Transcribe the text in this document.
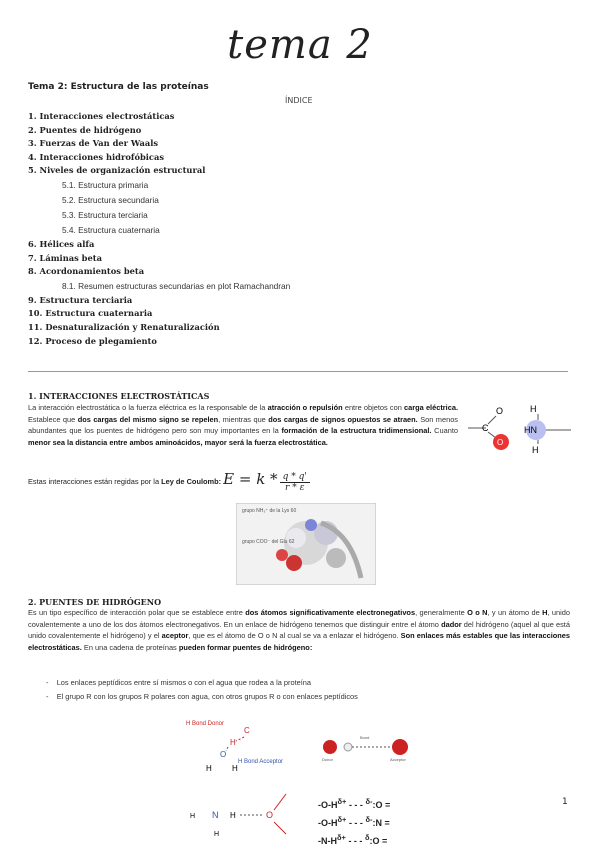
tema 2
Tema 2: Estructura de las proteínas
ÍNDICE
1. Interacciones electrostáticas
2. Puentes de hidrógeno
3. Fuerzas de Van der Waals
4. Interacciones hidrofóbicas
5. Niveles de organización estructural
5.1. Estructura primaria
5.2. Estructura secundaria
5.3. Estructura terciaria
5.4. Estructura cuaternaria
6. Hélices alfa
7. Láminas beta
8. Acordonamientos beta
8.1. Resumen estructuras secundarias en plot Ramachandran
9. Estructura terciaria
10. Estructura cuaternaria
11. Desnaturalización y Renaturalización
12. Proceso de plegamiento
1. INTERACCIONES ELECTROSTÁTICAS
La interacción electrostática o la fuerza eléctrica es la responsable de la atracción o repulsión entre objetos con carga eléctrica. Establece que dos cargas del mismo signo se repelen, mientras que dos cargas de signos opuestos se atraen. Son menos abundantes que los puentes de hidrógeno pero son muy importantes en la formación de la estructura tridimensional. Cuanto menor sea la distancia entre ambos aminoácidos, mayor será la fuerza electrostática.
O	H
C
O
HN
H
Estas interacciones están regidas por la Ley de Coulomb: $E = k * \frac{q * q'}{r * \varepsilon}$
grupo NH₃⁺ de la Lys 60
grupo COO⁻ del Glu 62
2. PUENTES DE HIDRÓGENO
Es un tipo específico de interacción polar que se establece entre dos átomos significativamente electronegativos, generalmente O o N, y un átomo de H, unido covalentemente a uno de los dos átomos electronegativos. En un enlace de hidrógeno tenemos que distinguir entre el átomo dador del hidrógeno (aquel al que está unido covalentemente el hidrógeno) y el aceptor, que es el átomo de O o N al cual se va a enlazar el hidrógeno. Son enlaces más estables que las interacciones electrostáticas. En una cadena de proteínas pueden formar puentes de hidrógeno:
-    Los enlaces peptídicos entre sí mismos o con el agua que rodea a la proteína
-    El grupo R con los grupos R polares con agua, con otros grupos R o con enlaces peptídicos
H Bond Donor
H Bond Acceptor
C
H
O
H	H
Bond
Donor	Acceptor
H N H	O
H
$-O-H^{\delta+}$ - - - $^{\delta-}$:O =
$-O-H^{\delta+}$ - - - $^{\delta-}$:N =
$-N-H^{\delta+}$ - - - $^\delta$:O =
1
